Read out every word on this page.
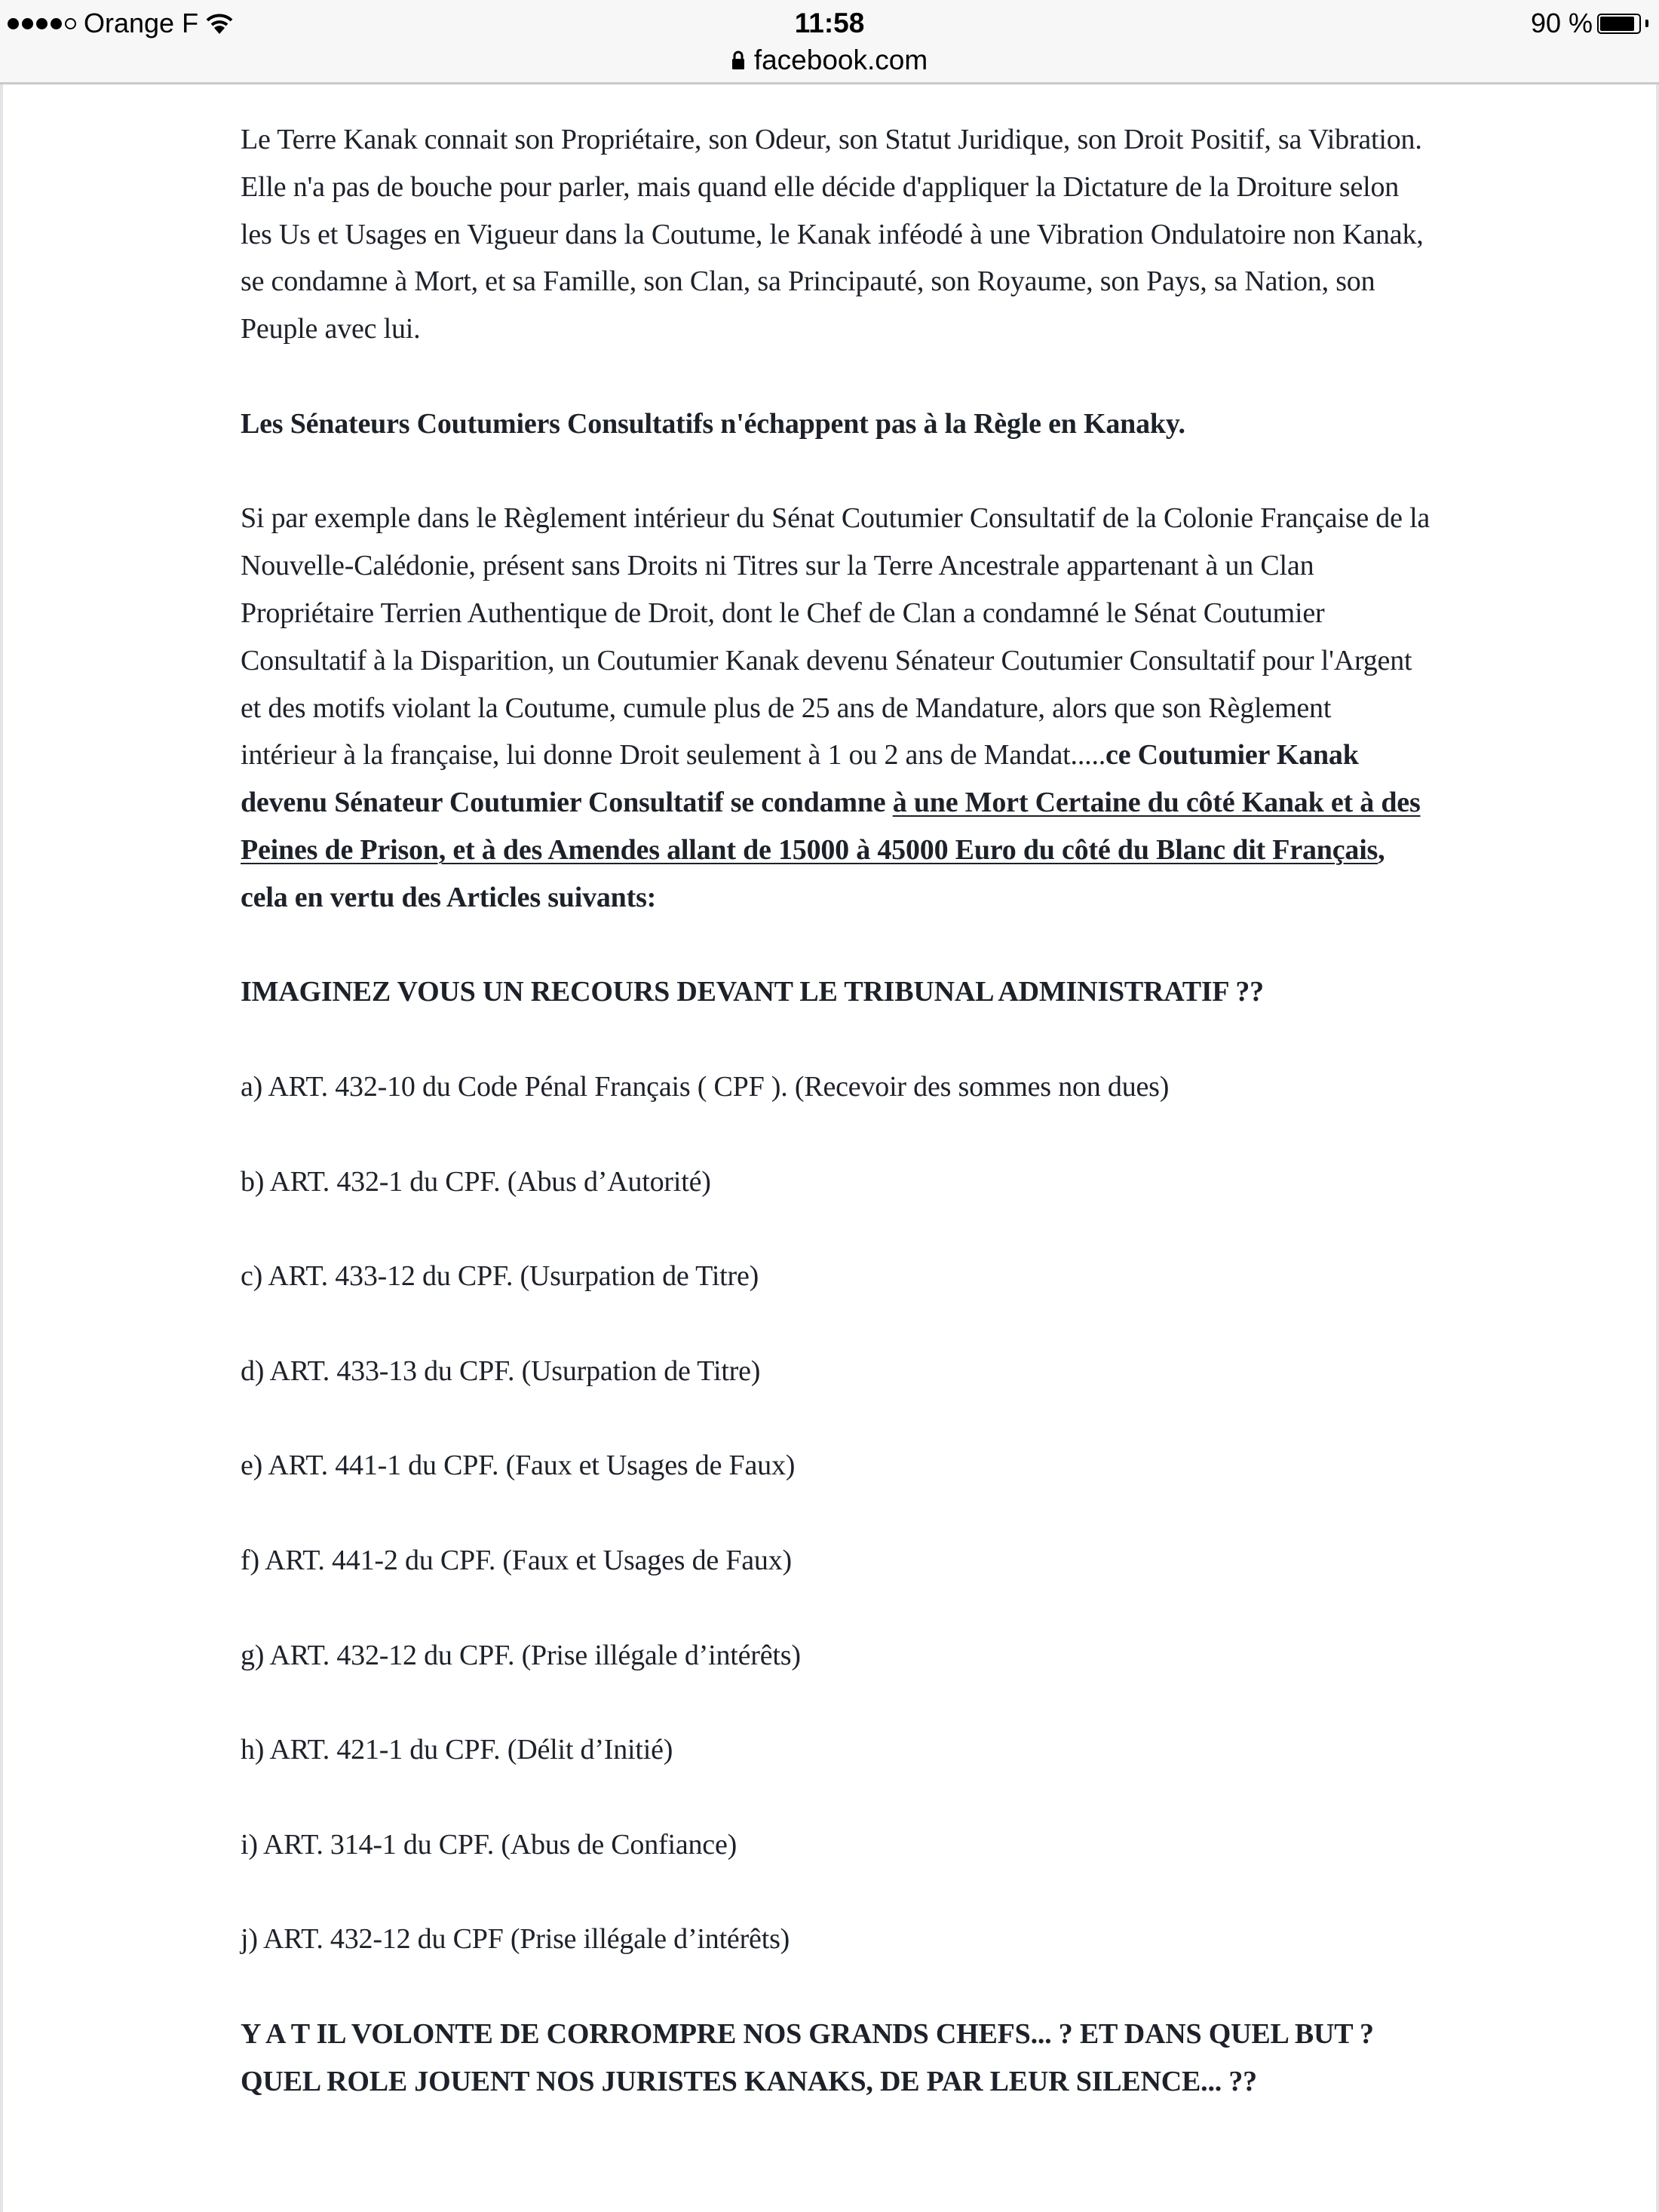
Orange F	11:58	90 %
facebook.com

Le Terre Kanak connait son Propriétaire, son Odeur, son Statut Juridique, son Droit Positif, sa Vibration. Elle n'a pas de bouche pour parler, mais quand elle décide d'appliquer la Dictature de la Droiture selon les Us et Usages en Vigueur dans la Coutume, le Kanak inféodé à une Vibration Ondulatoire non Kanak, se condamne à Mort, et sa Famille, son Clan, sa Principauté, son Royaume, son Pays, sa Nation, son Peuple avec lui.

Les Sénateurs Coutumiers Consultatifs n'échappent pas à la Règle en Kanaky.

Si par exemple dans le Règlement intérieur du Sénat Coutumier Consultatif de la Colonie Française de la Nouvelle-Calédonie, présent sans Droits ni Titres sur la Terre Ancestrale appartenant à un Clan Propriétaire Terrien Authentique de Droit, dont le Chef de Clan a condamné le Sénat Coutumier Consultatif à la Disparition, un Coutumier Kanak devenu Sénateur Coutumier Consultatif pour l'Argent et des motifs violant la Coutume, cumule plus de 25 ans de Mandature, alors que son Règlement intérieur à la française, lui donne Droit seulement à 1 ou 2 ans de Mandat.....ce Coutumier Kanak devenu Sénateur Coutumier Consultatif se condamne à une Mort Certaine du côté Kanak et à des Peines de Prison, et à des Amendes allant de 15000 à 45000 Euro du côté du Blanc dit Français, cela en vertu des Articles suivants:

IMAGINEZ VOUS UN RECOURS DEVANT LE TRIBUNAL ADMINISTRATIF ??

a) ART. 432-10 du Code Pénal Français ( CPF ). (Recevoir des sommes non dues)

b) ART. 432-1 du CPF. (Abus d’Autorité)

c) ART. 433-12 du CPF. (Usurpation de Titre)

d) ART. 433-13 du CPF. (Usurpation de Titre)

e) ART. 441-1 du CPF. (Faux et Usages de Faux)

f) ART. 441-2 du CPF. (Faux et Usages de Faux)

g) ART. 432-12 du CPF. (Prise illégale d’intérêts)

h) ART. 421-1 du CPF. (Délit d’Initié)

i) ART. 314-1 du CPF. (Abus de Confiance)

j) ART. 432-12 du CPF (Prise illégale d’intérêts)

Y A T IL VOLONTE DE CORROMPRE NOS GRANDS CHEFS... ? ET DANS QUEL BUT ? QUEL ROLE JOUENT NOS JURISTES KANAKS, DE PAR LEUR SILENCE... ??
